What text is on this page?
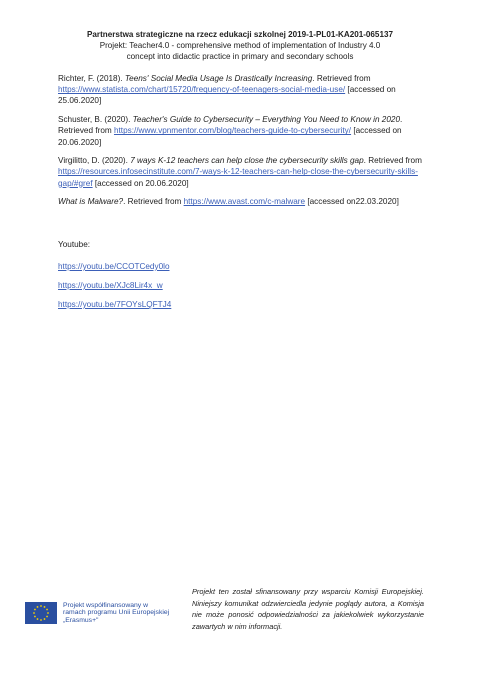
Partnerstwa strategiczne na rzecz edukacji szkolnej 2019-1-PL01-KA201-065137
Projekt: Teacher4.0 - comprehensive method of implementation of Industry 4.0
concept into didactic practice in primary and secondary schools

Richter, F. (2018). Teens' Social Media Usage Is Drastically Increasing. Retrieved from https://www.statista.com/chart/15720/frequency-of-teenagers-social-media-use/ [accessed on 25.06.2020]

Schuster, B. (2020). Teacher's Guide to Cybersecurity – Everything You Need to Know in 2020. Retrieved from https://www.vpnmentor.com/blog/teachers-guide-to-cybersecurity/ [accessed on 20.06.2020]

Virgilitto, D. (2020). 7 ways K-12 teachers can help close the cybersecurity skills gap. Retrieved from https://resources.infosecinstitute.com/7-ways-k-12-teachers-can-help-close-the-cybersecurity-skills-gap/#gref [accessed on 20.06.2020]

What is Malware?. Retrieved from https://www.avast.com/c-malware [accessed on22.03.2020]

Youtube:
https://youtu.be/CCOTCedy0lo
https://youtu.be/XJc8Lir4x_w
https://youtu.be/7FOYsLQFTJ4
Projekt współfinansowany w
ramach programu Unii Europejskiej
„Erasmus+"
Projekt ten został sfinansowany przy wsparciu Komisji Europejskiej. Niniejszy komunikat odzwierciedla jedynie poglądy autora, a Komisja nie może ponosić odpowiedzialności za jakiekolwiek wykorzystanie zawartych w nim informacji.
